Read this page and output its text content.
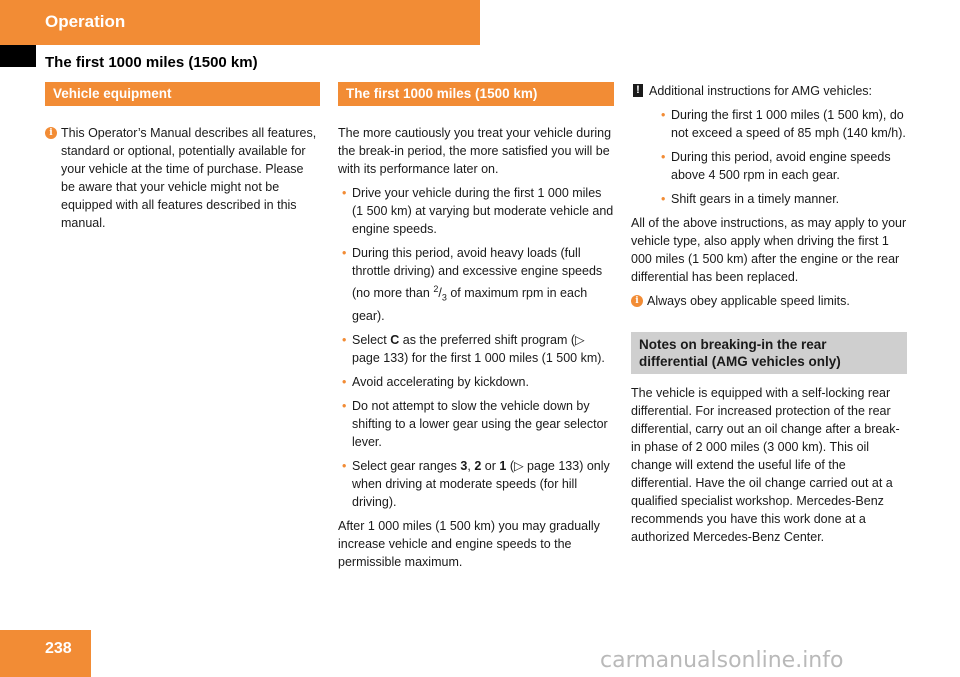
Operation
The first 1000 miles (1500 km)
Vehicle equipment
i This Operator’s Manual describes all features, standard or optional, potentially available for your vehicle at the time of purchase. Please be aware that your vehicle might not be equipped with all features described in this manual.
The first 1000 miles (1500 km)

The more cautiously you treat your vehicle during the break-in period, the more satisfied you will be with its performance later on.

• Drive your vehicle during the first 1 000 miles (1 500 km) at varying but moderate vehicle and engine speeds.
• During this period, avoid heavy loads (full throttle driving) and excessive engine speeds (no more than $^2/_3$ of maximum rpm in each gear).
• Select C as the preferred shift program (▷ page 133) for the first 1 000 miles (1 500 km).
• Avoid accelerating by kickdown.
• Do not attempt to slow the vehicle down by shifting to a lower gear using the gear selector lever.
• Select gear ranges 3, 2 or 1 (▷ page 133) only when driving at moderate speeds (for hill driving).

After 1 000 miles (1 500 km) you may gradually increase vehicle and engine speeds to the permissible maximum.

! Additional instructions for AMG vehicles:
• During the first 1 000 miles (1 500 km), do not exceed a speed of 85 mph (140 km/h).
• During this period, avoid engine speeds above 4 500 rpm in each gear.
• Shift gears in a timely manner.

All of the above instructions, as may apply to your vehicle type, also apply when driving the first 1 000 miles (1 500 km) after the engine or the rear differential has been replaced.

i Always obey applicable speed limits.
Notes on breaking-in the rear differential (AMG vehicles only)

The vehicle is equipped with a self-locking rear differential. For increased protection of the rear differential, carry out an oil change after a break-in phase of 2 000 miles (3 000 km). This oil change will extend the useful life of the differential. Have the oil change carried out at a qualified specialist workshop. Mercedes-Benz recommends you have this work done at a authorized Mercedes-Benz Center.

238	carmanualsonline.info
